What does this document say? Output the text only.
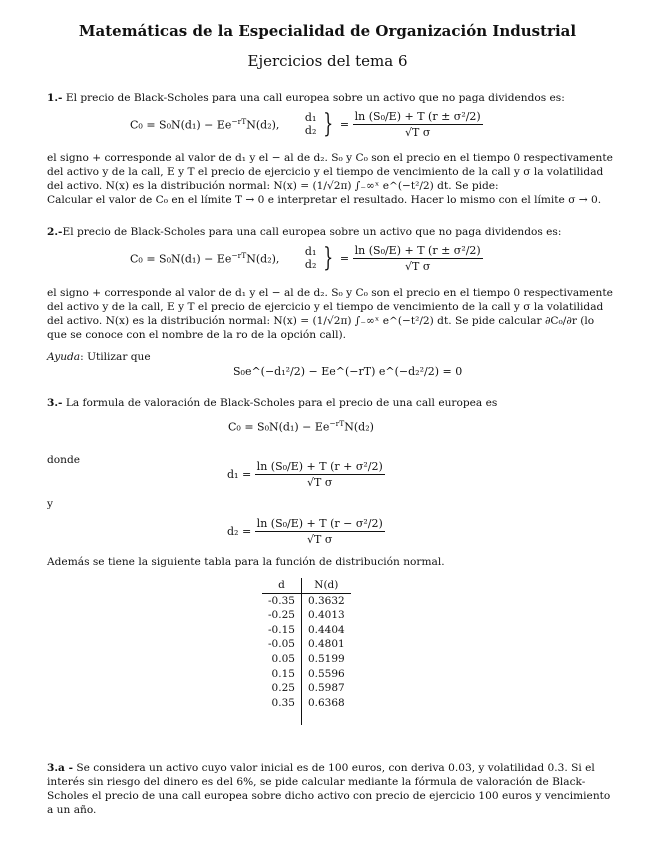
Matemáticas de la Especialidad de Organización Industrial
Ejercicios del tema 6
1.- El precio de Black-Scholes para una call europea sobre un activo que no paga dividendos es:
$C_0 = S_0N(d_1) - Ee^{-rT}N(d_2)$,
d₁
d₂ } = $\frac{\text{ln (S₀/E) + T (r ± σ²/2)}}{\text{√T σ}}$
el signo + corresponde al valor de d₁ y el − al de d₂. S₀ y C₀ son el precio en el tiempo 0 respectivamente
del activo y de la call, E y T el precio de ejercicio y el tiempo de vencimiento de la call y σ la volatilidad
del activo. N(x) es la distribución normal: N(x) = (1/√2π) ∫₋∞ˣ e^(−t²/2) dt. Se pide:
Calcular el valor de C₀ en el límite T → 0 e interpretar el resultado. Hacer lo mismo con el límite σ → 0.
2.-El precio de Black-Scholes para una call europea sobre un activo que no paga dividendos es:
$C_0 = S_0N(d_1) - Ee^{-rT}N(d_2)$,
d₁
d₂ } = $\frac{\text{ln (S₀/E) + T (r ± σ²/2)}}{\text{√T σ}}$
el signo + corresponde al valor de d₁ y el − al de d₂. S₀ y C₀ son el precio en el tiempo 0 respectivamente
del activo y de la call, E y T el precio de ejercicio y el tiempo de vencimiento de la call y σ la volatilidad
del activo. N(x) es la distribución normal: N(x) = (1/√2π) ∫₋∞ˣ e^(−t²/2) dt. Se pide calcular ∂C₀/∂r (lo
que se conoce con el nombre de la ro de la opción call).
Ayuda: Utilizar que
S₀e^(−d₁²/2) − Ee^(−rT) e^(−d₂²/2) = 0
3.- La formula de valoración de Black-Scholes para el precio de una call europea es
$C_0 = S_0N(d_1) - Ee^{-rT}N(d_2)$
donde
$d_1 = \frac{\text{ln (S₀/E) + T (r + σ²/2)}}{\text{√T σ}}$
y
$d_2 = \frac{\text{ln (S₀/E) + T (r − σ²/2)}}{\text{√T σ}}$
Además se tiene la siguiente tabla para la función de distribución normal.
d	N(d)
-0.35	0.3632
-0.25	0.4013
-0.15	0.4404
-0.05	0.4801
0.05	0.5199
0.15	0.5596
0.25	0.5987
0.35	0.6368

3.a - Se considera un activo cuyo valor inicial es de 100 euros, con deriva 0.03, y volatilidad 0.3. Si el
interés sin riesgo del dinero es del 6%, se pide calcular mediante la fórmula de valoración de Black-
Scholes el precio de una call europea sobre dicho activo con precio de ejercicio 100 euros y vencimiento
a un año.
